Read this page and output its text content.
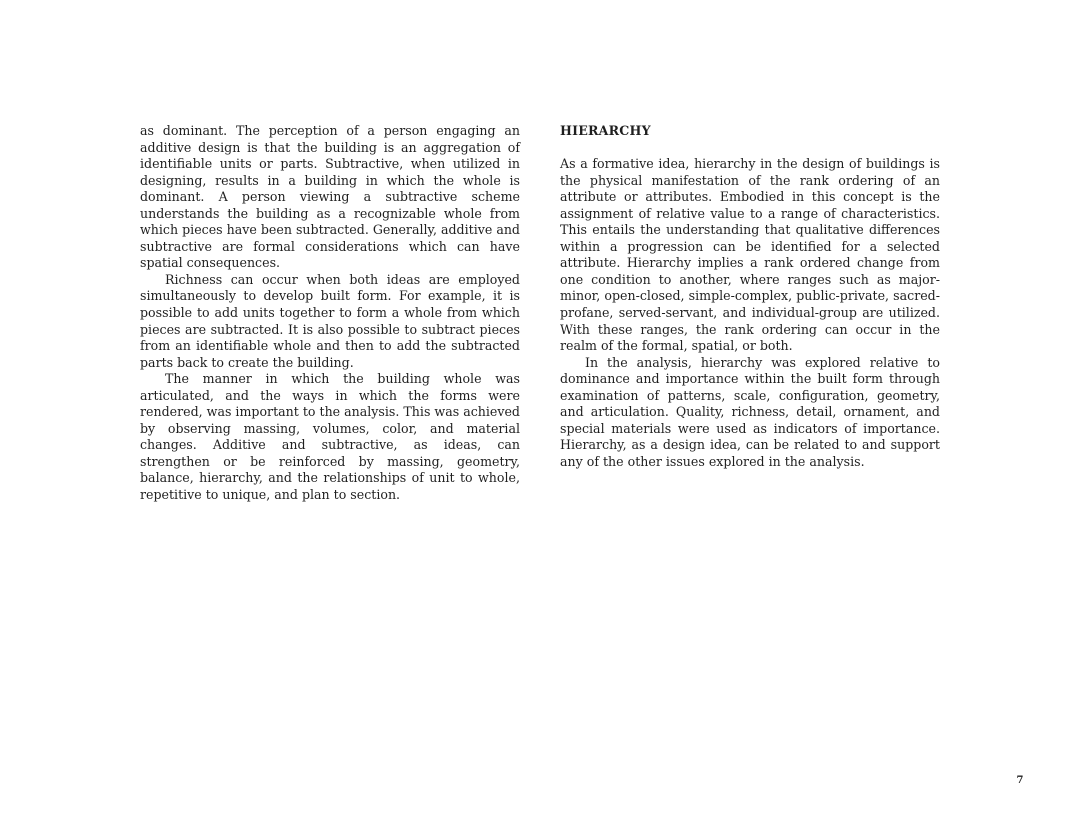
as dominant. The perception of a person engaging an additive design is that the building is an aggregation of identifiable units or parts. Subtractive, when utilized in designing, results in a building in which the whole is dominant. A person viewing a subtractive scheme understands the building as a recognizable whole from which pieces have been subtracted. Generally, additive and subtractive are formal considerations which can have spatial consequences.

Richness can occur when both ideas are employed simultaneously to develop built form. For example, it is possible to add units together to form a whole from which pieces are subtracted. It is also possible to subtract pieces from an identifiable whole and then to add the subtracted parts back to create the building.

The manner in which the building whole was articulated, and the ways in which the forms were rendered, was important to the analysis. This was achieved by observing massing, volumes, color, and material changes. Additive and subtractive, as ideas, can strengthen or be reinforced by massing, geometry, balance, hierarchy, and the relationships of unit to whole, repetitive to unique, and plan to section.

HIERARCHY

As a formative idea, hierarchy in the design of buildings is the physical manifestation of the rank ordering of an attribute or attributes. Embodied in this concept is the assignment of relative value to a range of characteristics. This entails the understanding that qualitative differences within a progression can be identified for a selected attribute. Hierarchy implies a rank ordered change from one condition to another, where ranges such as major-minor, open-closed, simple-complex, public-private, sacred-profane, served-servant, and individual-group are utilized. With these ranges, the rank ordering can occur in the realm of the formal, spatial, or both.

In the analysis, hierarchy was explored relative to dominance and importance within the built form through examination of patterns, scale, configuration, geometry, and articulation. Quality, richness, detail, ornament, and special materials were used as indicators of importance. Hierarchy, as a design idea, can be related to and support any of the other issues explored in the analysis.

7
